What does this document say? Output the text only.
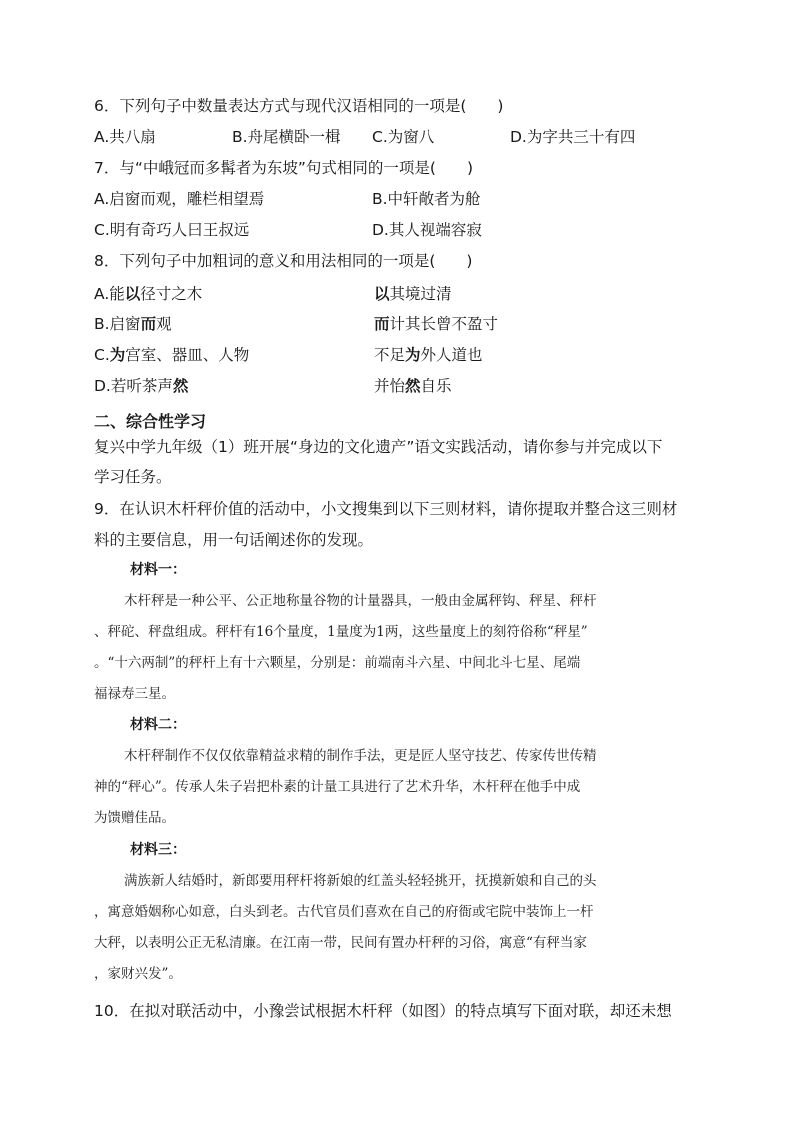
6．下列句子中数量表达方式与现代汉语相同的一项是(　　)
A.共八扇	B.舟尾横卧一楫 C.为窗八	D.为字共三十有四
7．与“中峨冠而多髯者为东坡”句式相同的一项是(　　)
A.启窗而观，雕栏相望焉	B.中轩敞者为舱
C.明有奇巧人曰王叔远	D.其人视端容寂
8．下列句子中加粗词的意义和用法相同的一项是(　　)
A.能以径寸之木	以其境过清
B.启窗而观	而计其长曾不盈寸
C.为宫室、器皿、人物	不足为外人道也
D.若听茶声然	并怡然自乐
二、综合性学习
复兴中学九年级（1）班开展“身边的文化遗产”语文实践活动，请你参与并完成以下
学习任务。
9．在认识木杆秤价值的活动中，小文搜集到以下三则材料，请你提取并整合这三则材
料的主要信息，用一句话阐述你的发现。
材料一：
木杆秤是一种公平、公正地称量谷物的计量器具，一般由金属秤钩、秤星、秤杆
、秤砣、秤盘组成。秤杆有16个量度，1量度为1两，这些量度上的刻符俗称“秤星”
。“十六两制”的秤杆上有十六颗星，分别是：前端南斗六星、中间北斗七星、尾端
福禄寿三星。
材料二：
木杆秤制作不仅仅依靠精益求精的制作手法，更是匠人坚守技艺、传家传世传精
神的“秤心”。传承人朱子岩把朴素的计量工具进行了艺术升华，木杆秤在他手中成
为馈赠佳品。
材料三：
满族新人结婚时，新郎要用秤杆将新娘的红盖头轻轻挑开，抚摸新娘和自己的头
，寓意婚姻称心如意，白头到老。古代官员们喜欢在自己的府衙或宅院中装饰上一杆
大秤，以表明公正无私清廉。在江南一带，民间有置办杆秤的习俗，寓意“有秤当家
，家财兴发”。
10．在拟对联活动中，小豫尝试根据木杆秤（如图）的特点填写下面对联，却还未想
